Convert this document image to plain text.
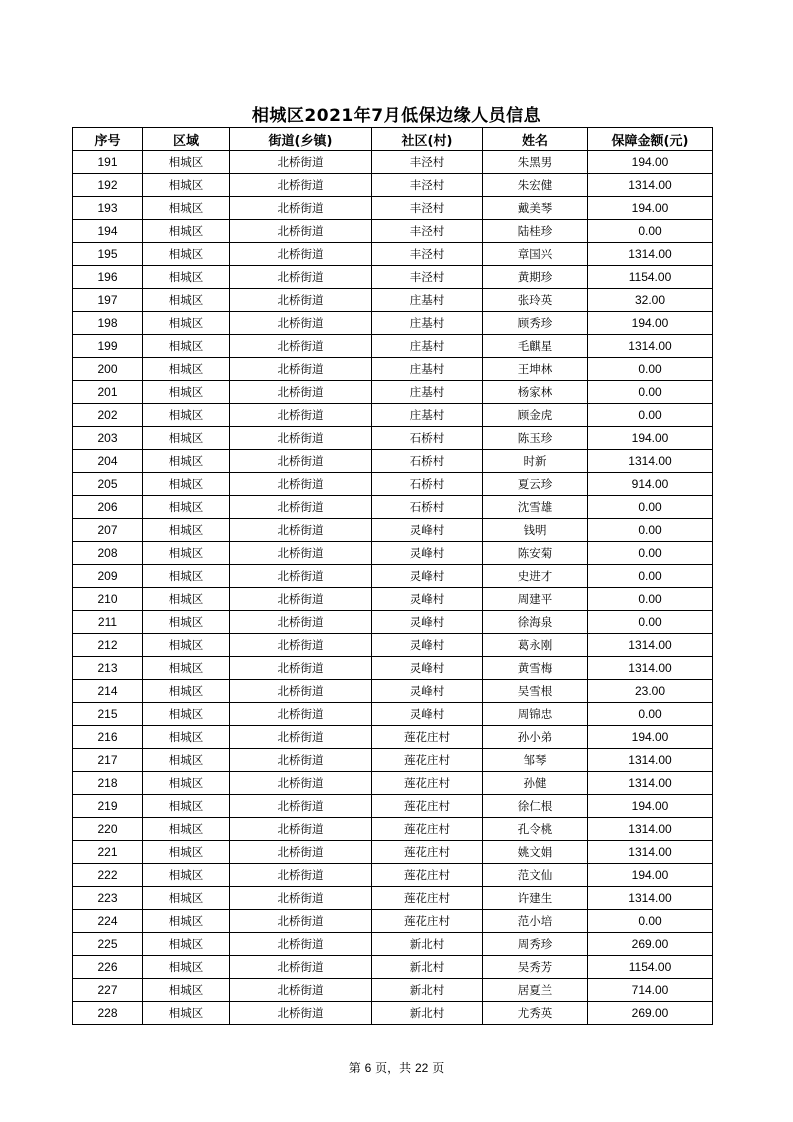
相城区2021年7月低保边缘人员信息
序号	区域	街道(乡镇)	社区(村)	姓名	保障金额(元)
191	相城区	北桥街道	丰泾村	朱黑男	194.00
192	相城区	北桥街道	丰泾村	朱宏健	1314.00
193	相城区	北桥街道	丰泾村	戴美琴	194.00
194	相城区	北桥街道	丰泾村	陆桂珍	0.00
195	相城区	北桥街道	丰泾村	章国兴	1314.00
196	相城区	北桥街道	丰泾村	黄期珍	1154.00
197	相城区	北桥街道	庄基村	张玲英	32.00
198	相城区	北桥街道	庄基村	顾秀珍	194.00
199	相城区	北桥街道	庄基村	毛麒星	1314.00
200	相城区	北桥街道	庄基村	王坤林	0.00
201	相城区	北桥街道	庄基村	杨家林	0.00
202	相城区	北桥街道	庄基村	顾金虎	0.00
203	相城区	北桥街道	石桥村	陈玉珍	194.00
204	相城区	北桥街道	石桥村	时新	1314.00
205	相城区	北桥街道	石桥村	夏云珍	914.00
206	相城区	北桥街道	石桥村	沈雪雄	0.00
207	相城区	北桥街道	灵峰村	钱明	0.00
208	相城区	北桥街道	灵峰村	陈安菊	0.00
209	相城区	北桥街道	灵峰村	史进才	0.00
210	相城区	北桥街道	灵峰村	周建平	0.00
211	相城区	北桥街道	灵峰村	徐海泉	0.00
212	相城区	北桥街道	灵峰村	葛永刚	1314.00
213	相城区	北桥街道	灵峰村	黄雪梅	1314.00
214	相城区	北桥街道	灵峰村	吴雪根	23.00
215	相城区	北桥街道	灵峰村	周锦忠	0.00
216	相城区	北桥街道	莲花庄村	孙小弟	194.00
217	相城区	北桥街道	莲花庄村	邹琴	1314.00
218	相城区	北桥街道	莲花庄村	孙健	1314.00
219	相城区	北桥街道	莲花庄村	徐仁根	194.00
220	相城区	北桥街道	莲花庄村	孔令桃	1314.00
221	相城区	北桥街道	莲花庄村	姚文娟	1314.00
222	相城区	北桥街道	莲花庄村	范文仙	194.00
223	相城区	北桥街道	莲花庄村	许建生	1314.00
224	相城区	北桥街道	莲花庄村	范小培	0.00
225	相城区	北桥街道	新北村	周秀珍	269.00
226	相城区	北桥街道	新北村	吴秀芳	1154.00
227	相城区	北桥街道	新北村	居夏兰	714.00
228	相城区	北桥街道	新北村	尤秀英	269.00
第 6 页，共 22 页
